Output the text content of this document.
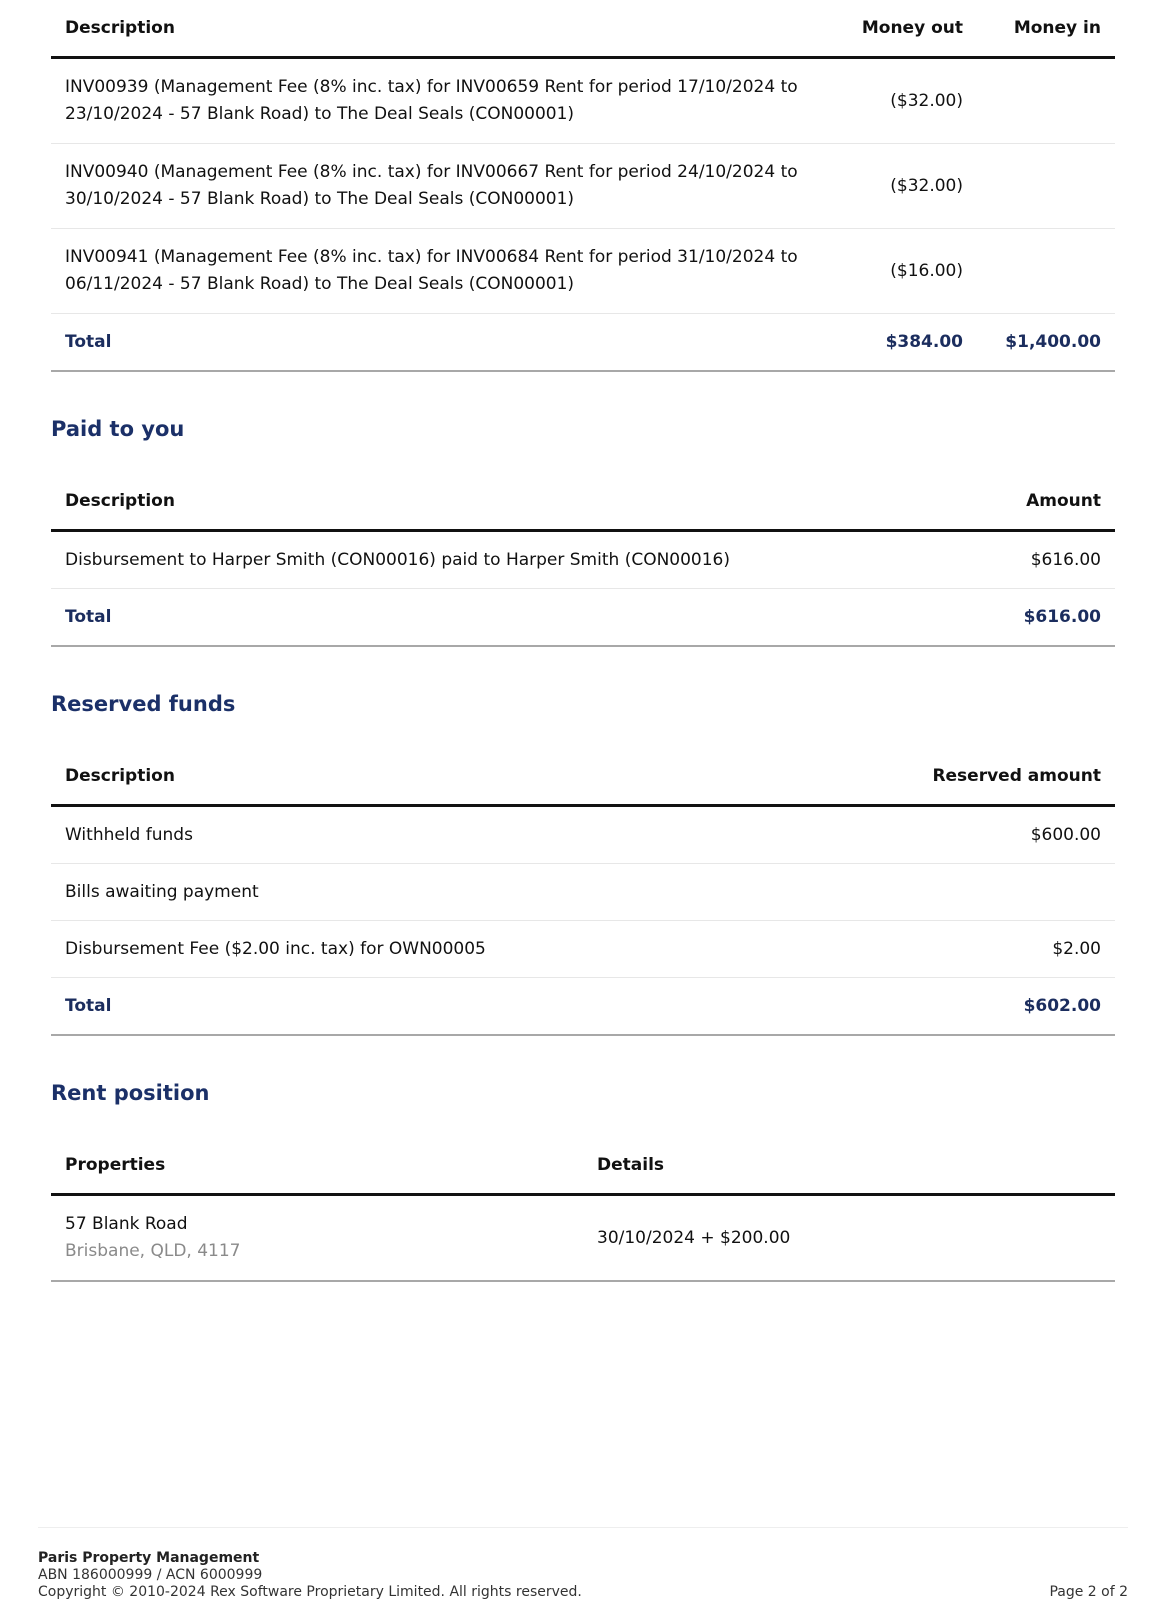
Description	Money out	Money in

INV00939 (Management Fee (8% inc. tax) for INV00659 Rent for period 17/10/2024 to
23/10/2024 - 57 Blank Road) to The Deal Seals (CON00001)	($32.00)	

INV00940 (Management Fee (8% inc. tax) for INV00667 Rent for period 24/10/2024 to
30/10/2024 - 57 Blank Road) to The Deal Seals (CON00001)	($32.00)	

INV00941 (Management Fee (8% inc. tax) for INV00684 Rent for period 31/10/2024 to
06/11/2024 - 57 Blank Road) to The Deal Seals (CON00001)	($16.00)	
Total	$384.00	$1,400.00
Paid to you
Description	Amount
Disbursement to Harper Smith (CON00016) paid to Harper Smith (CON00016)	$616.00
Total	$616.00
Reserved funds
Description	Reserved amount
Withheld funds	$600.00
Bills awaiting payment	
Disbursement Fee ($2.00 inc. tax) for OWN00005	$2.00
Total	$602.00
Rent position
Properties	Details

57 Blank Road
Brisbane, QLD, 4117	30/10/2024 + $200.00
Paris Property Management
ABN 186000999 / ACN 6000999
Copyright © 2010-2024 Rex Software Proprietary Limited. All rights reserved.	Page 2 of 2
